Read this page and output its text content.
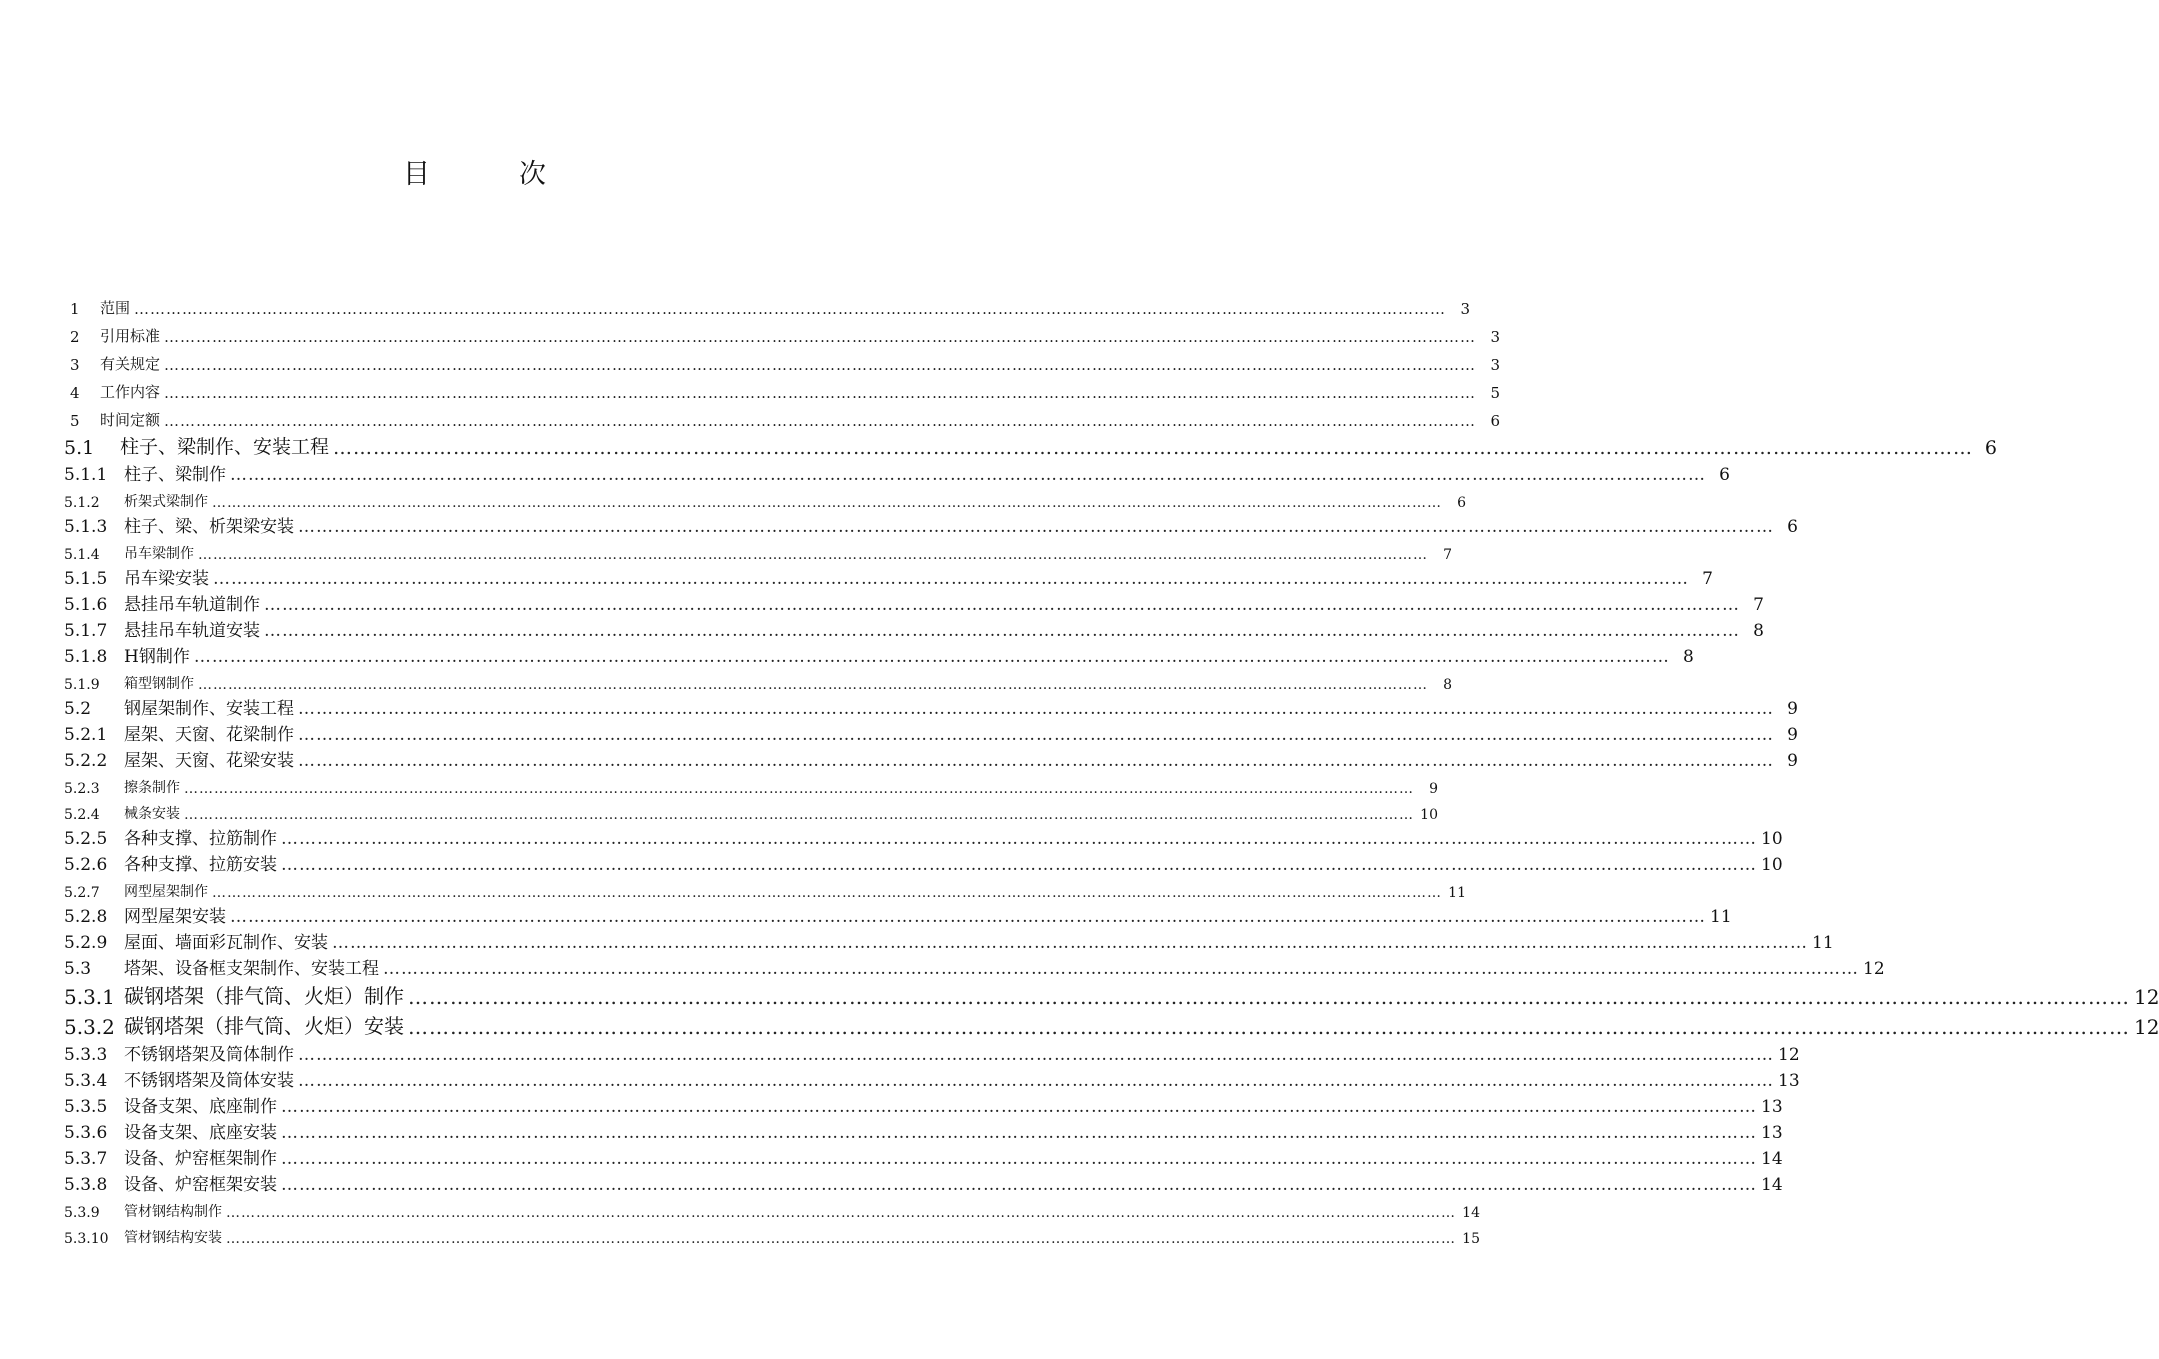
目	次
1	范围 …………………………………………………………………………………………………………………………………………………………………………………………………………………………	3
2	引用标准 …………………………………………………………………………………………………………………………………………………………………………………………………………………………	3
3	有关规定 …………………………………………………………………………………………………………………………………………………………………………………………………………………………	3
4	工作内容 …………………………………………………………………………………………………………………………………………………………………………………………………………………………	5
5	时间定额 …………………………………………………………………………………………………………………………………………………………………………………………………………………………	6
5.1	柱子、梁制作、安装工程 …………………………………………………………………………………………………………………………………………………………………………………………………………………………	6
5.1.1 柱子、梁制作 …………………………………………………………………………………………………………………………………………………………………………………………………………………………	6
5.1.2	析架式梁制作 …………………………………………………………………………………………………………………………………………………………………………………………………………………………	6
5.1.3 柱子、梁、析架梁安装 …………………………………………………………………………………………………………………………………………………………………………………………………………………………	6
5.1.4	吊车梁制作 …………………………………………………………………………………………………………………………………………………………………………………………………………………………	7
5.1.5 吊车梁安装 …………………………………………………………………………………………………………………………………………………………………………………………………………………………	7
5.1.6 悬挂吊车轨道制作 …………………………………………………………………………………………………………………………………………………………………………………………………………………………	7
5.1.7 悬挂吊车轨道安装 …………………………………………………………………………………………………………………………………………………………………………………………………………………………	8
5.1.8 H钢制作 …………………………………………………………………………………………………………………………………………………………………………………………………………………………	8
5.1.9	箱型钢制作 …………………………………………………………………………………………………………………………………………………………………………………………………………………………	8
5.2	钢屋架制作、安装工程 …………………………………………………………………………………………………………………………………………………………………………………………………………………………	9
5.2.1 屋架、天窗、花梁制作 …………………………………………………………………………………………………………………………………………………………………………………………………………………………	9
5.2.2 屋架、天窗、花梁安装 …………………………………………………………………………………………………………………………………………………………………………………………………………………………	9
5.2.3	擦条制作 …………………………………………………………………………………………………………………………………………………………………………………………………………………………	9
5.2.4	械条安装 …………………………………………………………………………………………………………………………………………………………………………………………………………………………	10
5.2.5 各种支撑、拉筋制作 …………………………………………………………………………………………………………………………………………………………………………………………………………………………	10
5.2.6 各种支撑、拉筋安装 …………………………………………………………………………………………………………………………………………………………………………………………………………………………	10
5.2.7	网型屋架制作 …………………………………………………………………………………………………………………………………………………………………………………………………………………………	11
5.2.8 网型屋架安装 …………………………………………………………………………………………………………………………………………………………………………………………………………………………	11
5.2.9 屋面、墙面彩瓦制作、安装 …………………………………………………………………………………………………………………………………………………………………………………………………………………………	11
5.3	塔架、设备框支架制作、安装工程 …………………………………………………………………………………………………………………………………………………………………………………………………………………………	12
5.3.1 碳钢塔架（排气筒、火炬）制作 …………………………………………………………………………………………………………………………………………………………………………………………………………………………	12
5.3.2 碳钢塔架（排气筒、火炬）安装 …………………………………………………………………………………………………………………………………………………………………………………………………………………………	12
5.3.3 不锈钢塔架及筒体制作 …………………………………………………………………………………………………………………………………………………………………………………………………………………………	12
5.3.4 不锈钢塔架及筒体安装 …………………………………………………………………………………………………………………………………………………………………………………………………………………………	13
5.3.5 设备支架、底座制作 …………………………………………………………………………………………………………………………………………………………………………………………………………………………	13
5.3.6 设备支架、底座安装 …………………………………………………………………………………………………………………………………………………………………………………………………………………………	13
5.3.7 设备、炉窑框架制作 …………………………………………………………………………………………………………………………………………………………………………………………………………………………	14
5.3.8 设备、炉窑框架安装 …………………………………………………………………………………………………………………………………………………………………………………………………………………………	14
5.3.9	管材钢结构制作 …………………………………………………………………………………………………………………………………………………………………………………………………………………………	14
5.3.10	管材钢结构安装 …………………………………………………………………………………………………………………………………………………………………………………………………………………………	15
